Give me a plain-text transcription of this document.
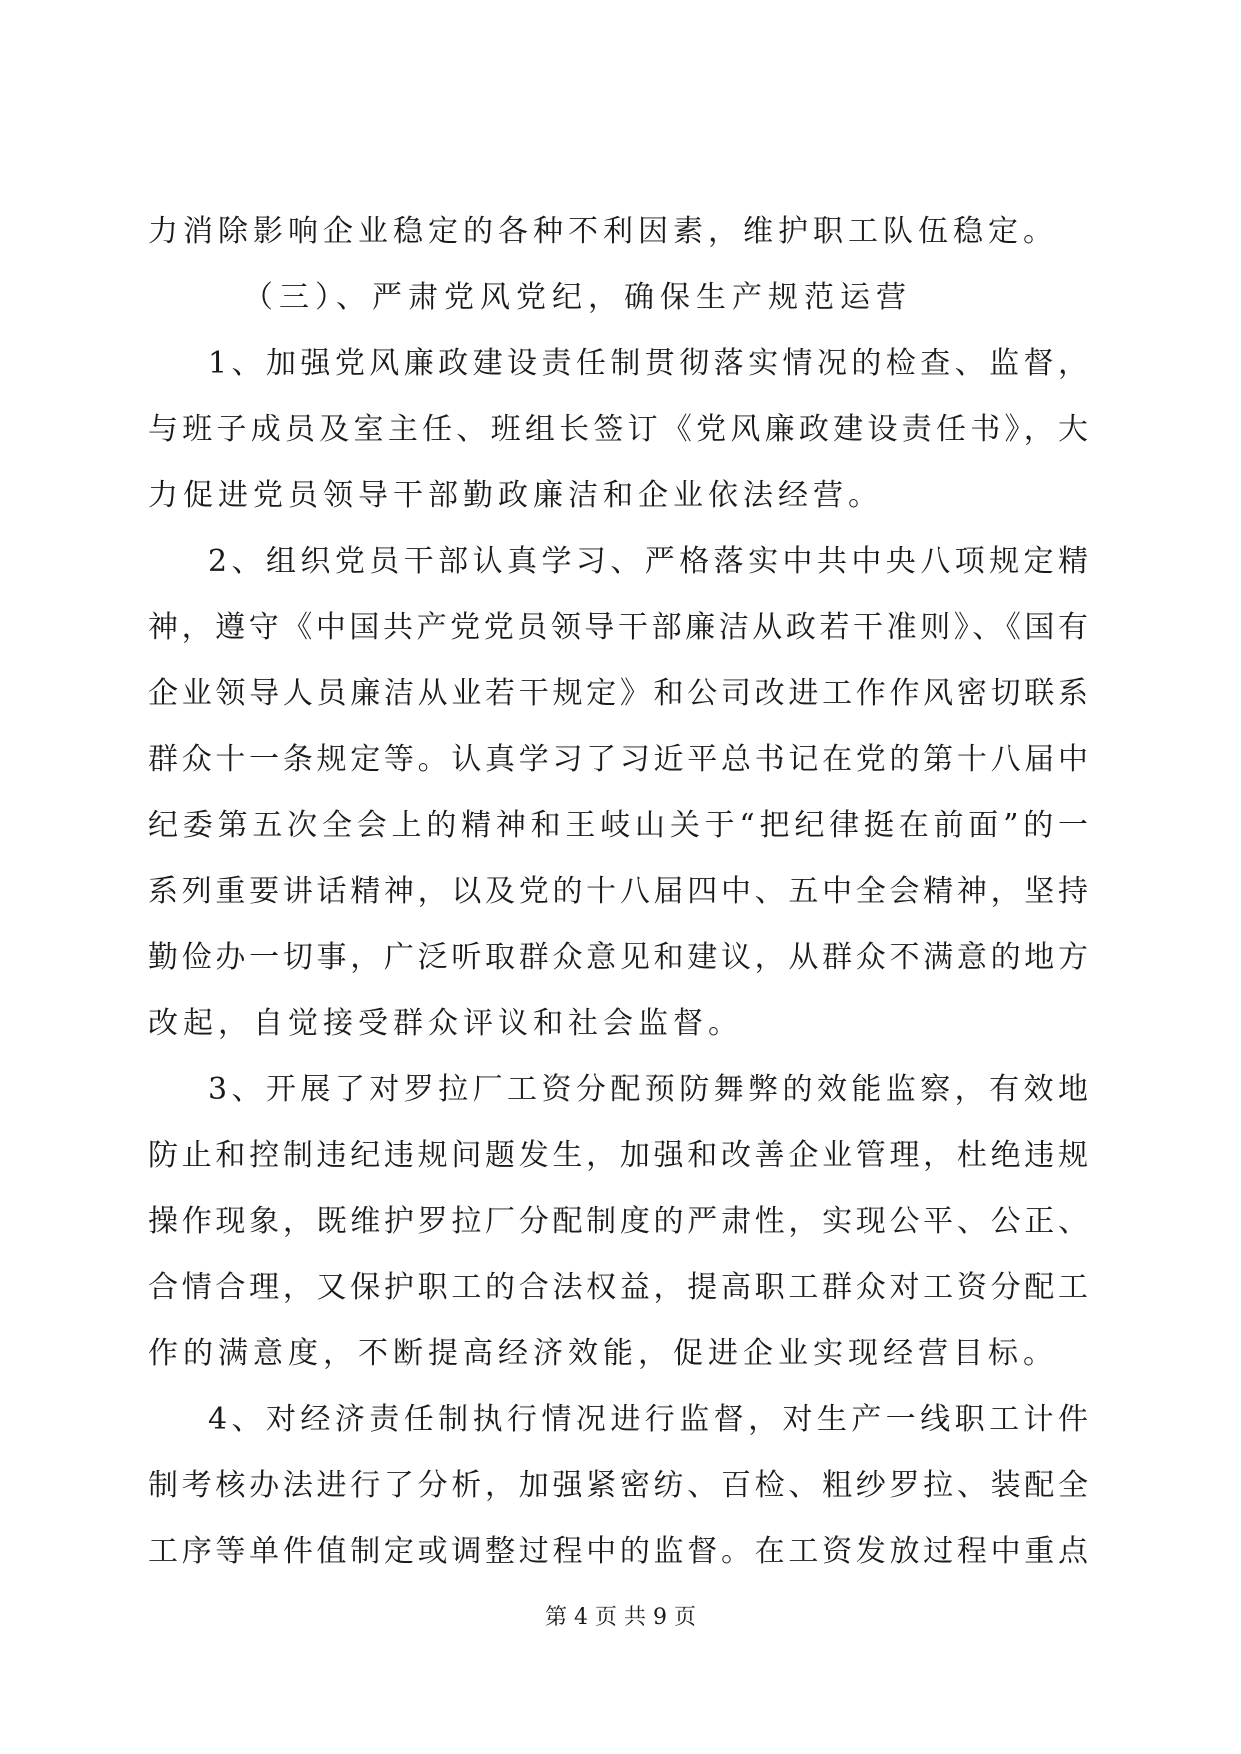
力消除影响企业稳定的各种不利因素，维护职工队伍稳定。
（三）、严肃党风党纪，确保生产规范运营
1、加强党风廉政建设责任制贯彻落实情况的检查、监督，
与班子成员及室主任、班组长签订《党风廉政建设责任书》，大
力促进党员领导干部勤政廉洁和企业依法经营。
2、组织党员干部认真学习、严格落实中共中央八项规定精
神，遵守《中国共产党党员领导干部廉洁从政若干准则》、《国有
企业领导人员廉洁从业若干规定》和公司改进工作作风密切联系
群众十一条规定等。认真学习了习近平总书记在党的第十八届中
纪委第五次全会上的精神和王岐山关于“把纪律挺在前面”的一
系列重要讲话精神，以及党的十八届四中、五中全会精神，坚持
勤俭办一切事，广泛听取群众意见和建议，从群众不满意的地方
改起，自觉接受群众评议和社会监督。
3、开展了对罗拉厂工资分配预防舞弊的效能监察，有效地
防止和控制违纪违规问题发生，加强和改善企业管理，杜绝违规
操作现象，既维护罗拉厂分配制度的严肃性，实现公平、公正、
合情合理，又保护职工的合法权益，提高职工群众对工资分配工
作的满意度，不断提高经济效能，促进企业实现经营目标。
4、对经济责任制执行情况进行监督，对生产一线职工计件
制考核办法进行了分析，加强紧密纺、百检、粗纱罗拉、装配全
工序等单件值制定或调整过程中的监督。在工资发放过程中重点
第 4 页 共 9 页
